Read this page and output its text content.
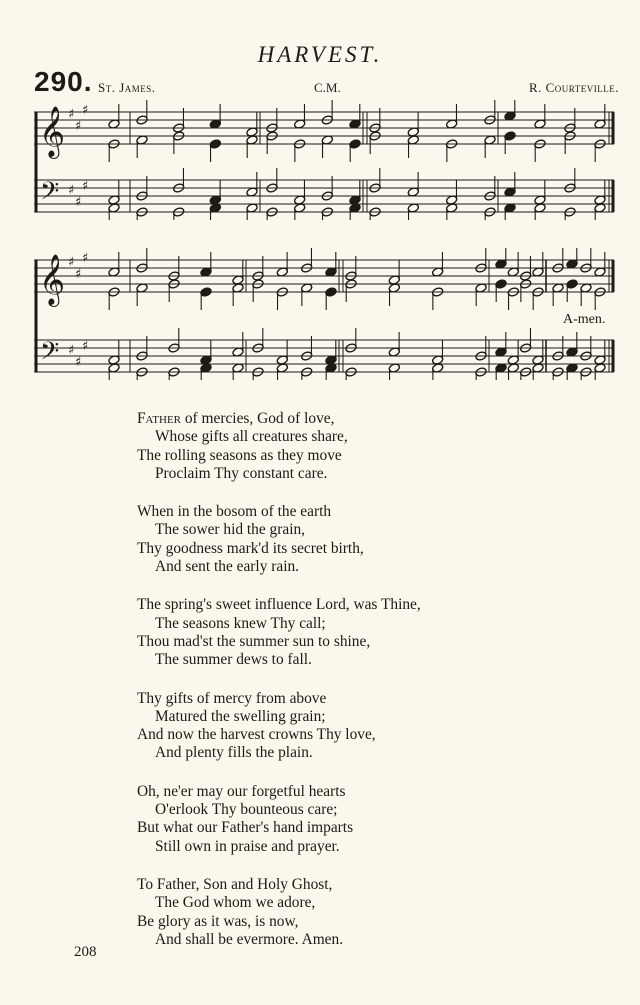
HARVEST.
290. St. James.	C.M.	R. Courteville.
𝄞 ♯
♯
♯
𝄢 ♯
♯
♯
𝄞 ♯
♯
♯
𝄢 ♯
♯
♯
A-men.
Father of mercies, God of love,
Whose gifts all creatures share,
The rolling seasons as they move
Proclaim Thy constant care.
When in the bosom of the earth
The sower hid the grain,
Thy goodness mark'd its secret birth,
And sent the early rain.
The spring's sweet influence Lord, was Thine,
The seasons knew Thy call;
Thou mad'st the summer sun to shine,
The summer dews to fall.
Thy gifts of mercy from above
Matured the swelling grain;
And now the harvest crowns Thy love,
And plenty fills the plain.
Oh, ne'er may our forgetful hearts
O'erlook Thy bounteous care;
But what our Father's hand imparts
Still own in praise and prayer.
To Father, Son and Holy Ghost,
The God whom we adore,
Be glory as it was, is now,
And shall be evermore. Amen.
208
